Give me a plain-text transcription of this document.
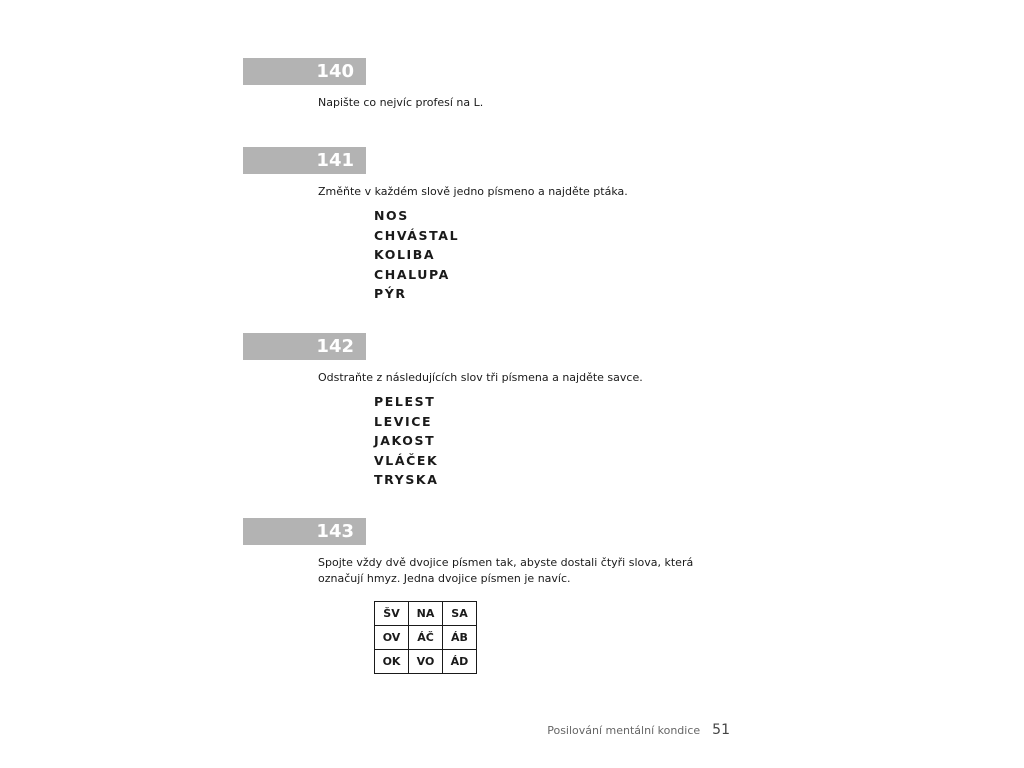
140
Napište co nejvíc profesí na L.
141
Změňte v každém slově jedno písmeno a najděte ptáka.
NOS
CHVÁSTAL
KOLIBA
CHALUPA
PÝR
142
Odstraňte z následujících slov tři písmena a najděte savce.
PELEST
LEVICE
JAKOST
VLÁČEK
TRYSKA
143
Spojte vždy dvě dvojice písmen tak, abyste dostali čtyři slova, která označují hmyz. Jedna dvojice písmen je navíc.
ŠV	NA	SA
OV	ÁČ	ÁB
OK	VO	ÁD
Posilování mentální kondice 51
